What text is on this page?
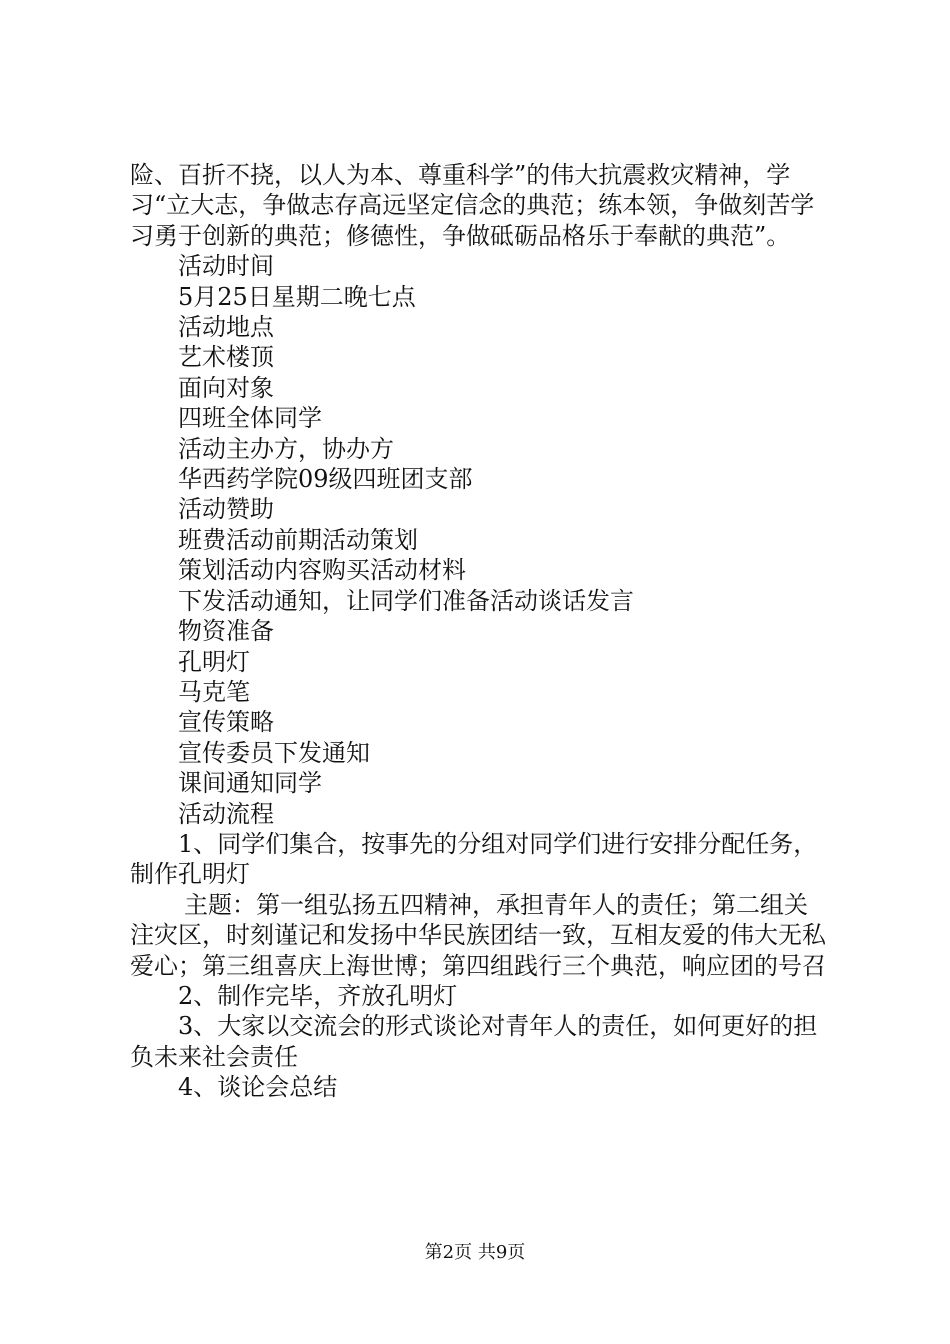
险、百折不挠，以人为本、尊重科学”的伟大抗震救灾精神，学习“立大志，争做志存高远坚定信念的典范；练本领，争做刻苦学习勇于创新的典范；修德性，争做砥砺品格乐于奉献的典范”。

活动时间

5月25日星期二晚七点

活动地点

艺术楼顶

面向对象

四班全体同学

活动主办方，协办方

华西药学院09级四班团支部

活动赞助

班费活动前期活动策划

策划活动内容购买活动材料

下发活动通知，让同学们准备活动谈话发言

物资准备

孔明灯

马克笔

宣传策略

宣传委员下发通知

课间通知同学

活动流程

1、同学们集合，按事先的分组对同学们进行安排分配任务，制作孔明灯

主题：第一组弘扬五四精神，承担青年人的责任；第二组关注灾区，时刻谨记和发扬中华民族团结一致，互相友爱的伟大无私爱心；第三组喜庆上海世博；第四组践行三个典范，响应团的号召

2、制作完毕，齐放孔明灯

3、大家以交流会的形式谈论对青年人的责任，如何更好的担负未来社会责任

4、谈论会总结

第2页 共9页
